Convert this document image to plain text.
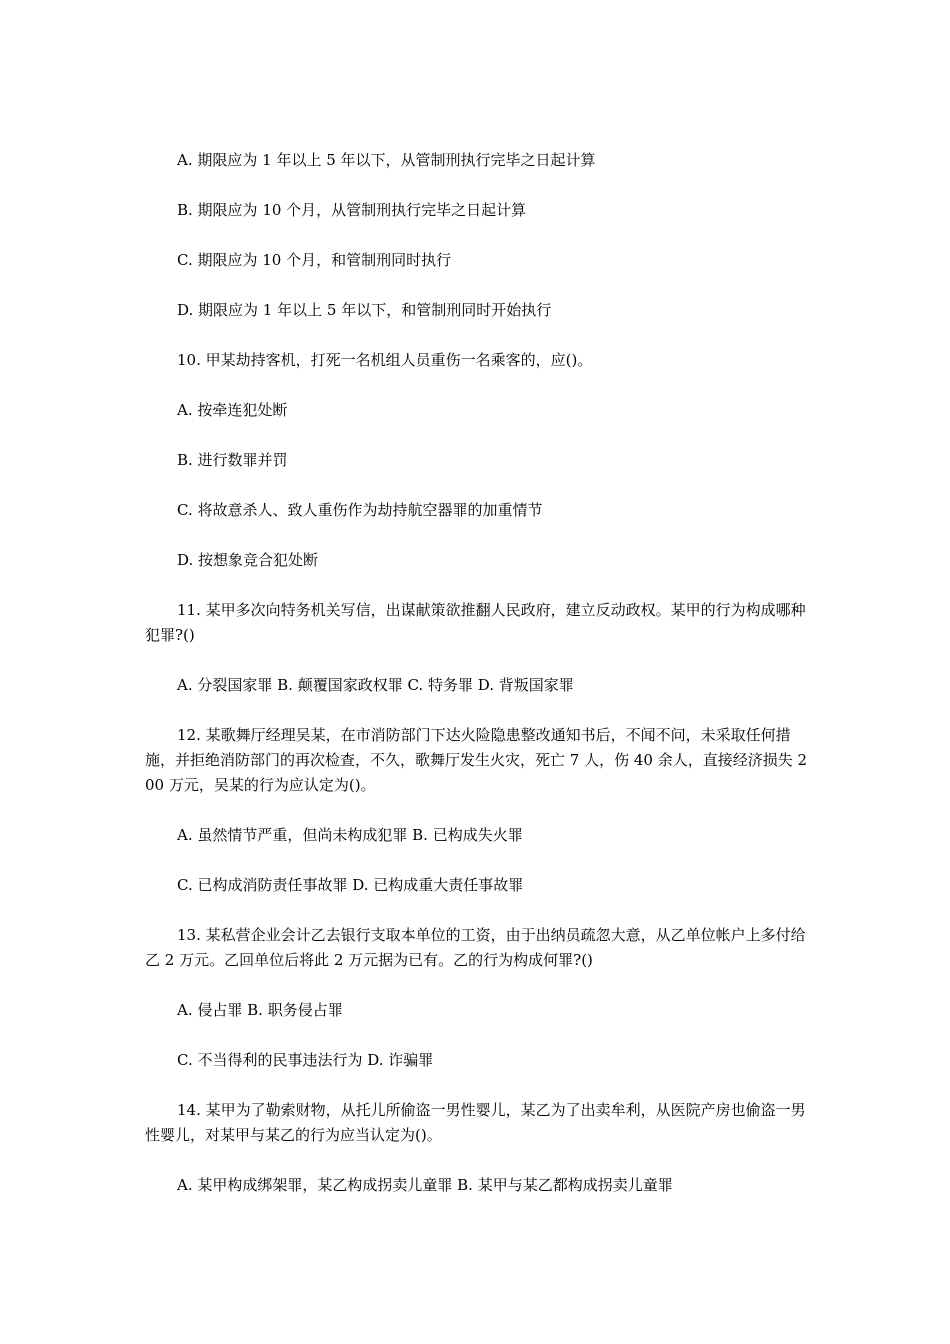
A. 期限应为 1 年以上 5 年以下，从管制刑执行完毕之日起计算

B. 期限应为 10 个月，从管制刑执行完毕之日起计算

C. 期限应为 10 个月，和管制刑同时执行

D. 期限应为 1 年以上 5 年以下，和管制刑同时开始执行

10. 甲某劫持客机，打死一名机组人员重伤一名乘客的，应()。

A. 按牵连犯处断

B. 进行数罪并罚

C. 将故意杀人、致人重伤作为劫持航空器罪的加重情节

D. 按想象竞合犯处断

11. 某甲多次向特务机关写信，出谋献策欲推翻人民政府，建立反动政权。某甲的行为构成哪种犯罪?()

A. 分裂国家罪 B. 颠覆国家政权罪 C. 特务罪 D. 背叛国家罪

12. 某歌舞厅经理吴某，在市消防部门下达火险隐患整改通知书后，不闻不问，未采取任何措施，并拒绝消防部门的再次检查，不久，歌舞厅发生火灾，死亡 7 人，伤 40 余人，直接经济损失 200 万元，吴某的行为应认定为()。

A. 虽然情节严重，但尚未构成犯罪 B. 已构成失火罪

C. 已构成消防责任事故罪 D. 已构成重大责任事故罪

13. 某私营企业会计乙去银行支取本单位的工资，由于出纳员疏忽大意，从乙单位帐户上多付给乙 2 万元。乙回单位后将此 2 万元据为已有。乙的行为构成何罪?()

A. 侵占罪 B. 职务侵占罪

C. 不当得利的民事违法行为 D. 诈骗罪

14. 某甲为了勒索财物，从托儿所偷盗一男性婴儿，某乙为了出卖牟利，从医院产房也偷盗一男性婴儿，对某甲与某乙的行为应当认定为()。

A. 某甲构成绑架罪，某乙构成拐卖儿童罪 B. 某甲与某乙都构成拐卖儿童罪
